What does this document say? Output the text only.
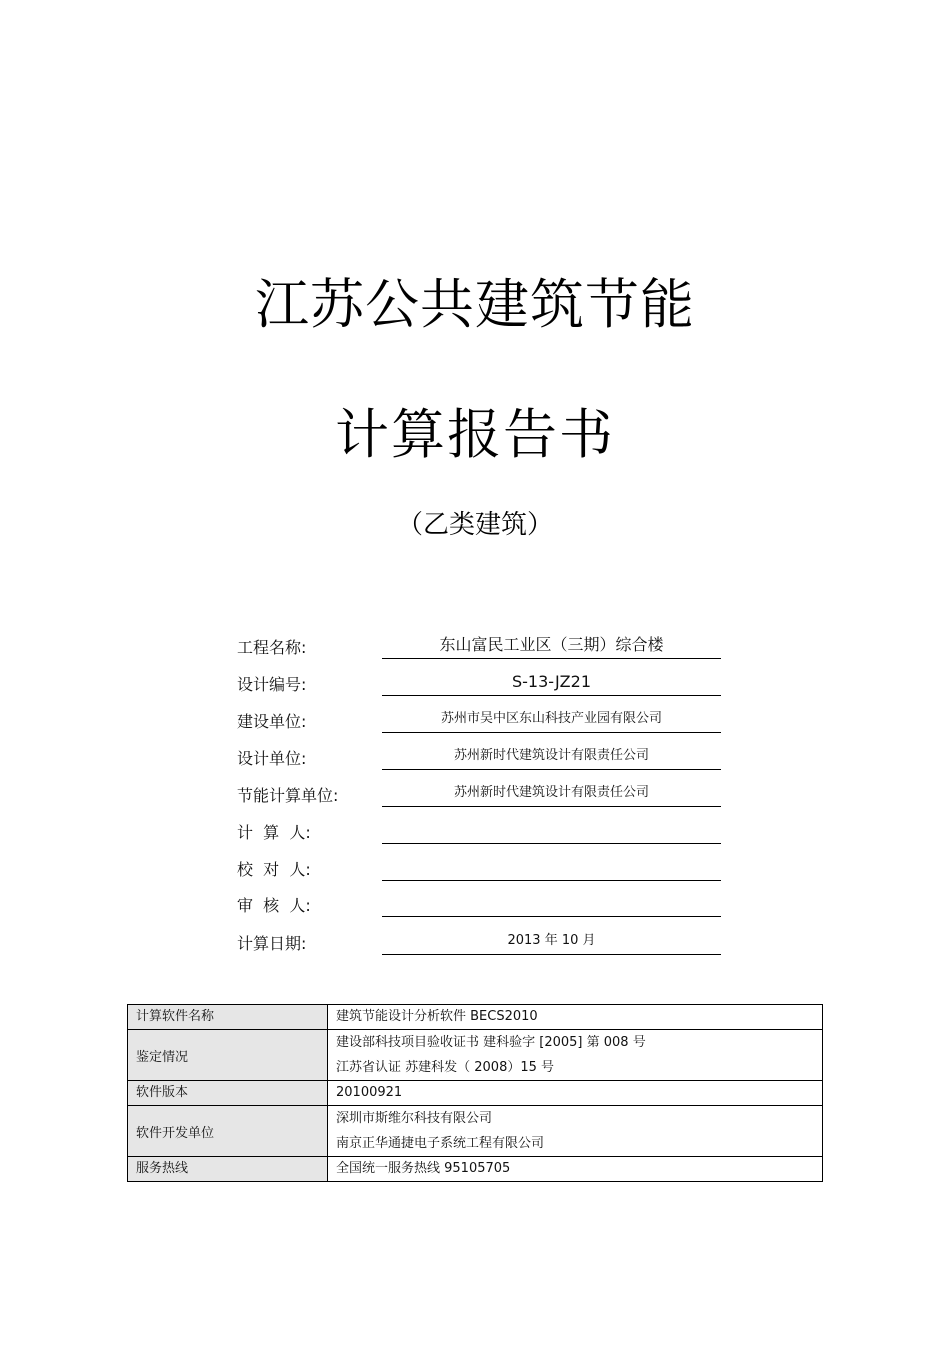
江苏公共建筑节能
计算报告书
（乙类建筑）
工程名称:	东山富民工业区（三期）综合楼
设计编号:	S-13-JZ21
建设单位:	苏州市吴中区东山科技产业园有限公司
设计单位:	苏州新时代建筑设计有限责任公司
节能计算单位:	苏州新时代建筑设计有限责任公司
计  算  人:
校  对  人:
审  核  人:
计算日期:	2013 年 10 月
计算软件名称	建筑节能设计分析软件 BECS2010
鉴定情况	建设部科技项目验收证书 建科验字 [2005] 第 008 号
江苏省认证 苏建科发（ 2008）15 号

软件版本	20100921
软件开发单位	深圳市斯维尔科技有限公司
南京正华通捷电子系统工程有限公司

服务热线	全国统一服务热线 95105705
